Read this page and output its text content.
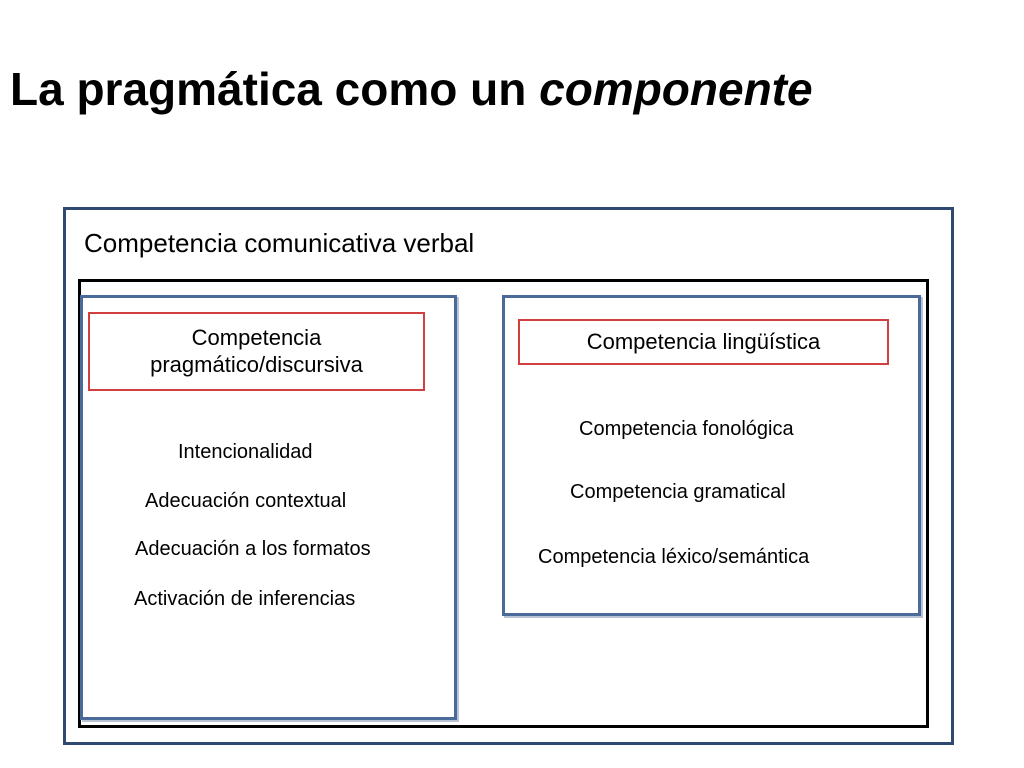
La pragmática como un componente
Competencia comunicativa verbal
Competencia pragmático/discursiva
Competencia lingüística
Intencionalidad
Adecuación contextual
Adecuación a los formatos
Activación de inferencias
Competencia fonológica
Competencia gramatical
Competencia léxico/semántica
